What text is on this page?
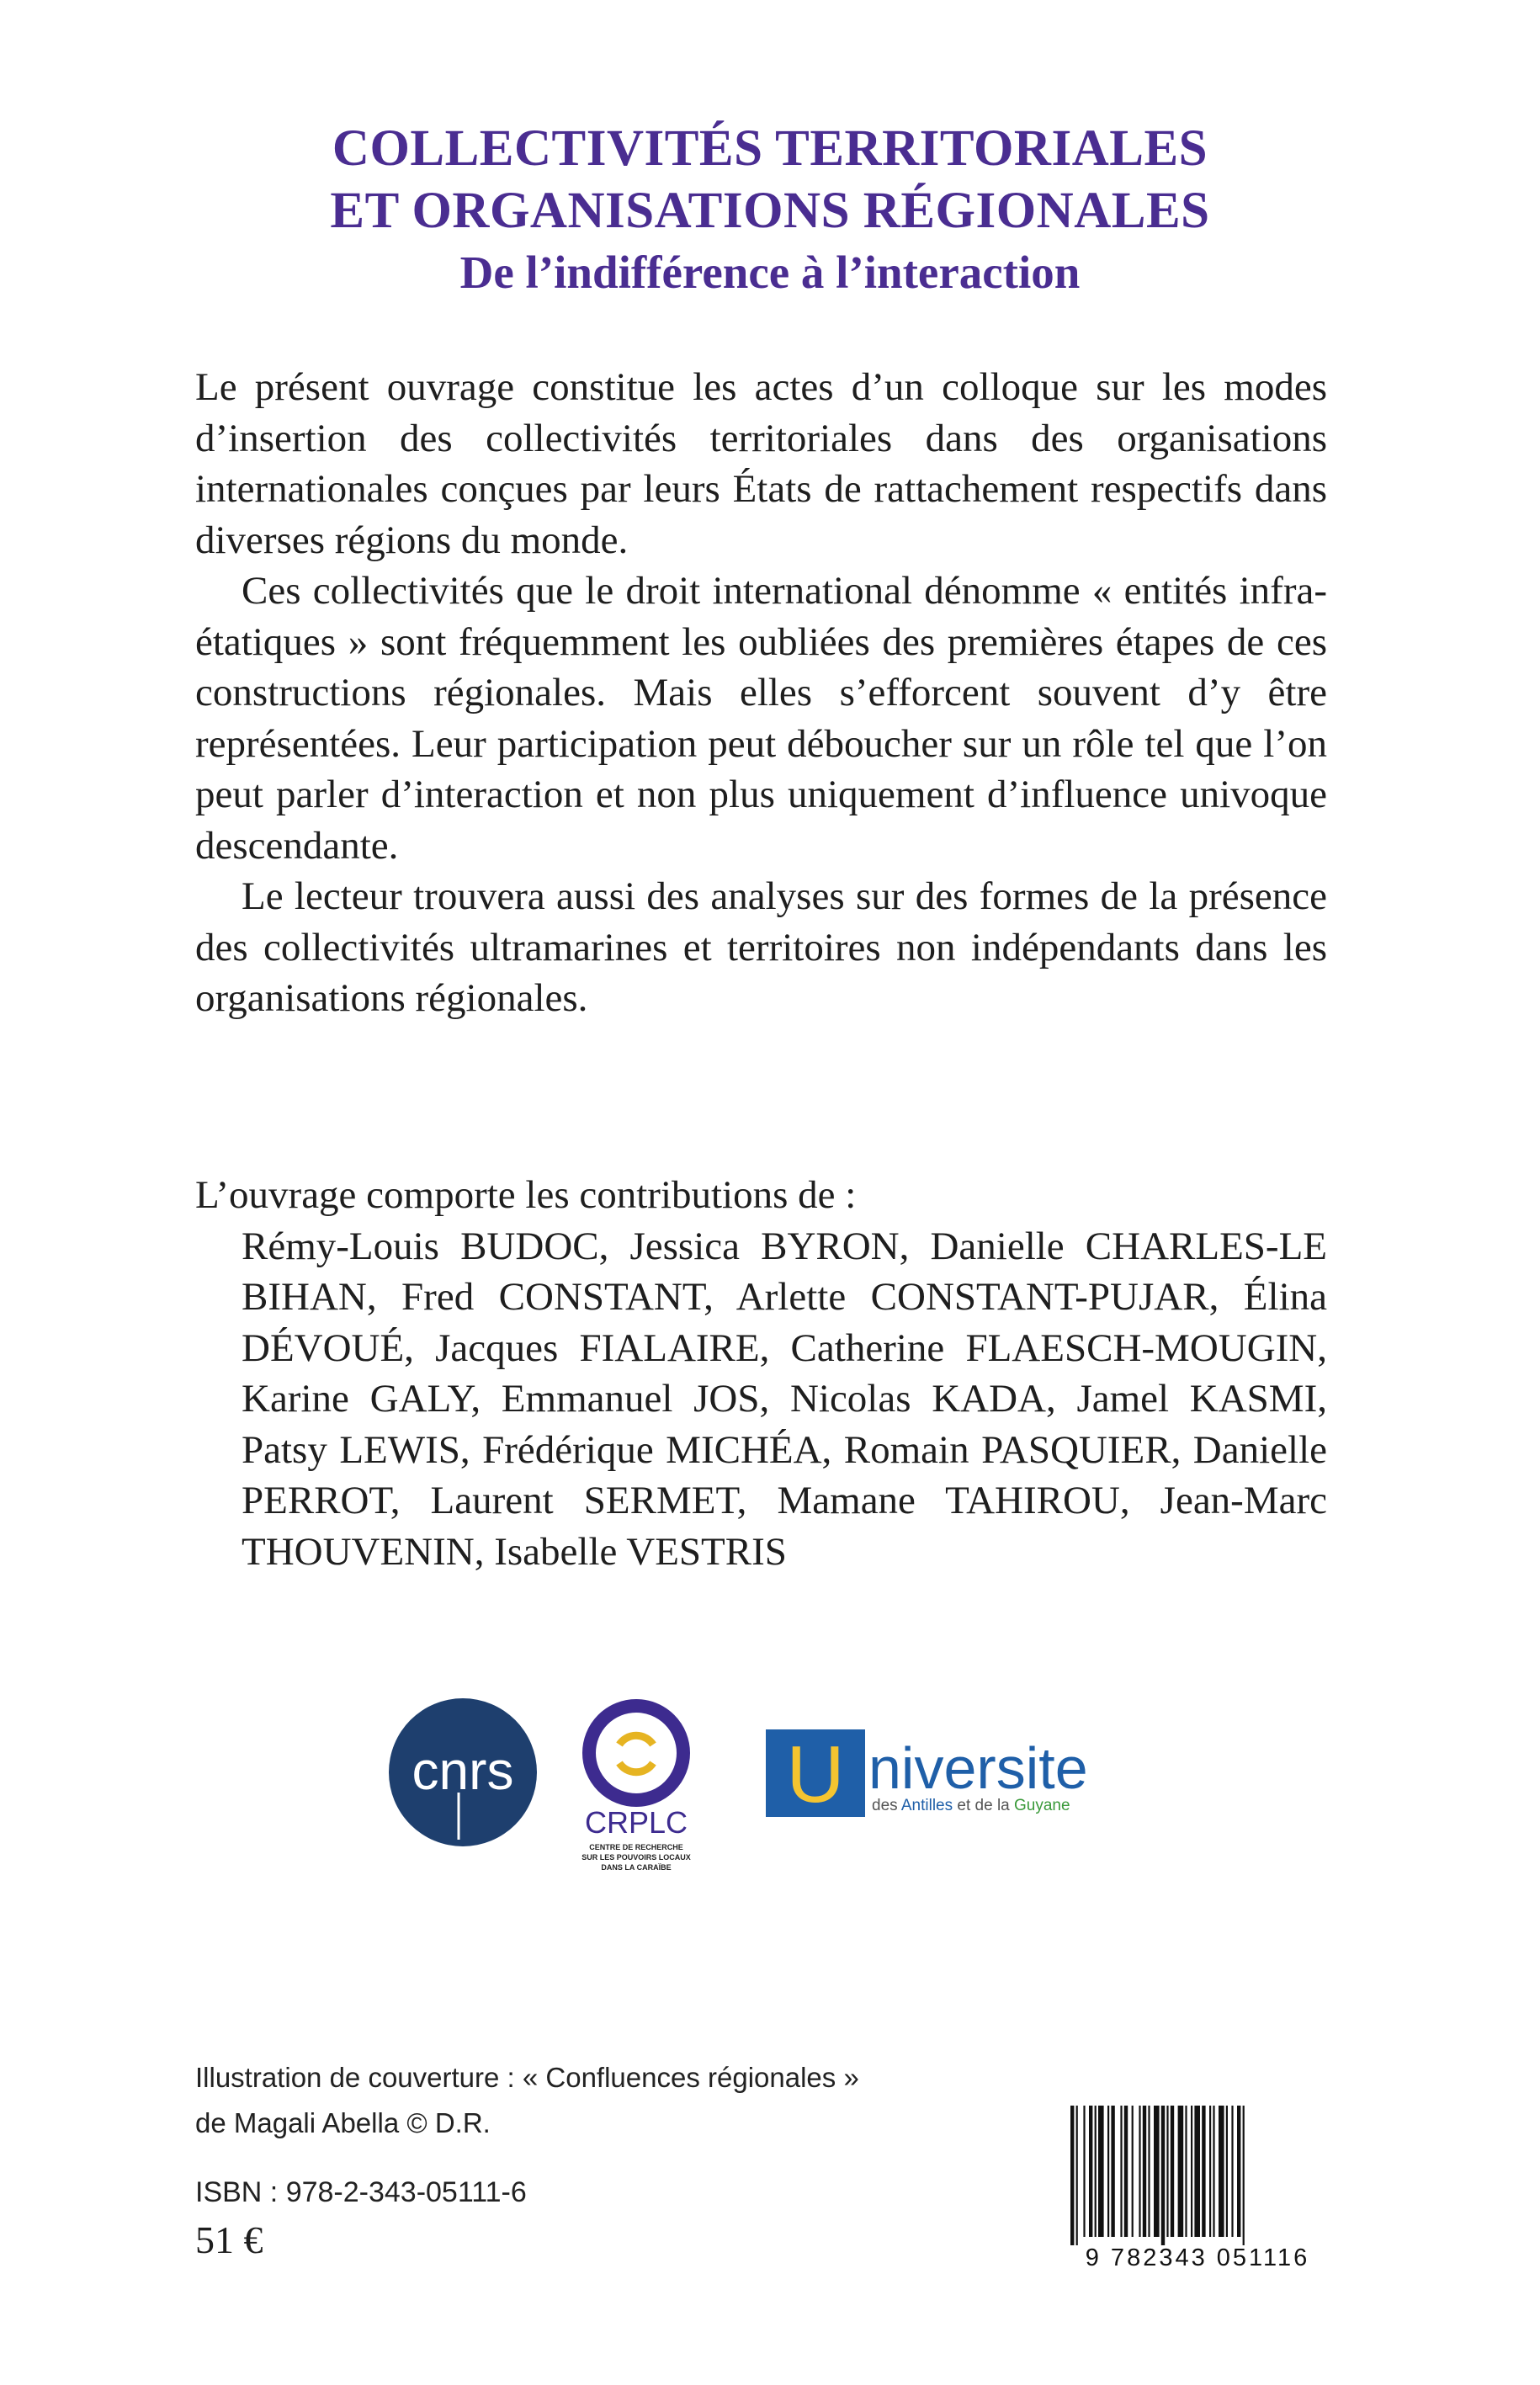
COLLECTIVITÉS TERRITORIALES
ET ORGANISATIONS RÉGIONALES
De l’indifférence à l’interaction

Le présent ouvrage constitue les actes d’un colloque sur les modes d’insertion des collectivités territoriales dans des organisations internationales conçues par leurs États de rattachement respectifs dans diverses régions du monde.

Ces collectivités que le droit international dénomme « entités infra-étatiques » sont fréquemment les oubliées des premières étapes de ces constructions régionales. Mais elles s’efforcent souvent d’y être représentées. Leur participation peut déboucher sur un rôle tel que l’on peut parler d’interaction et non plus uniquement d’influence univoque descendante.

Le lecteur trouvera aussi des analyses sur des formes de la présence des collectivités ultramarines et territoires non indépendants dans les organisations régionales.

L’ouvrage comporte les contributions de :
Rémy-Louis BUDOC, Jessica BYRON, Danielle CHARLES-LE BIHAN, Fred CONSTANT, Arlette CONSTANT-PUJAR, Élina DÉVOUÉ, Jacques FIALAIRE, Catherine FLAESCH-MOUGIN, Karine GALY, Emmanuel JOS, Nicolas KADA, Jamel KASMI, Patsy LEWIS, Frédérique MICHÉA, Romain PASQUIER, Danielle PERROT, Laurent SERMET, Mamane TAHIROU, Jean-Marc THOUVENIN, Isabelle VESTRIS
cnrs
CRPLC
CENTRE DE RECHERCHE
SUR LES POUVOIRS LOCAUX
DANS LA CARAÏBE
U niversite
des Antilles et de la Guyane
Illustration de couverture : « Confluences régionales »
de Magali Abella © D.R.
ISBN : 978-2-343-05111-6
51 €	9 782343 051116
